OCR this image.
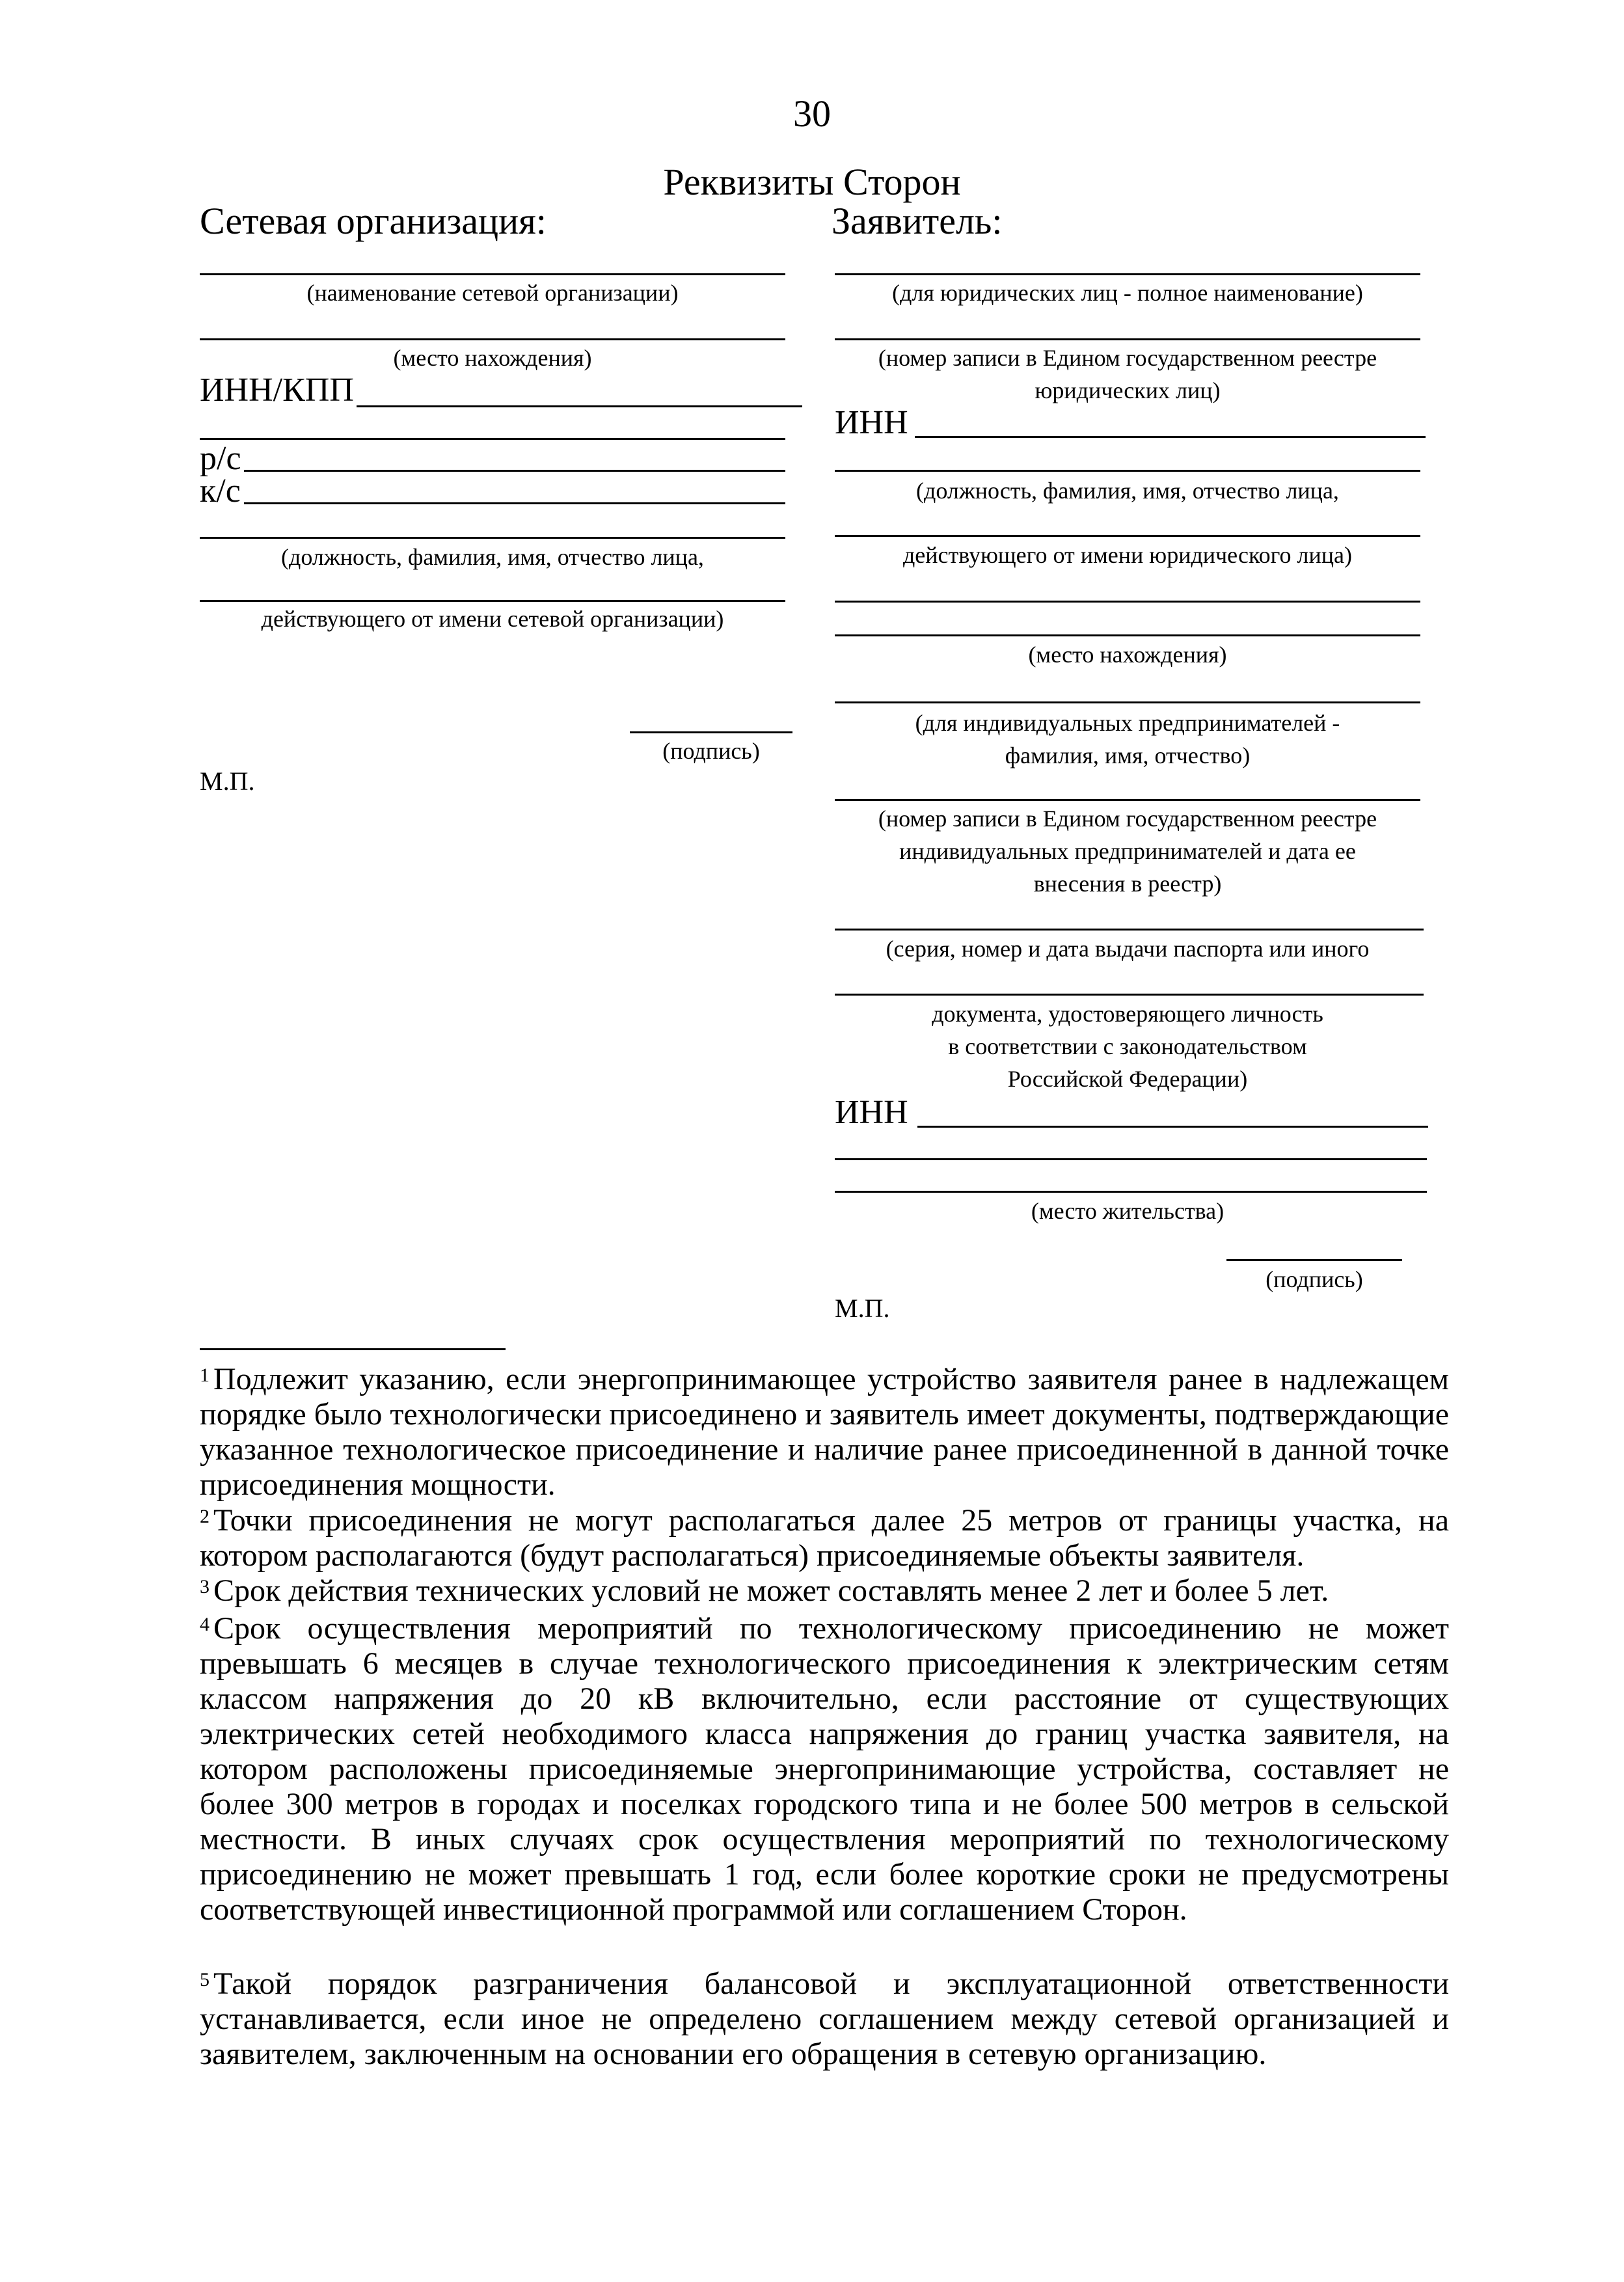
30
Реквизиты Сторон
Сетевая организация:
(наименование сетевой организации)
(место нахождения)
ИНН/КПП
р/с
к/с
(должность, фамилия, имя, отчество лица,
действующего от имени сетевой организации)
(подпись)
М.П.
Заявитель:
(для юридических лиц - полное наименование)
(номер записи в Едином государственном реестре
юридических лиц)
ИНН
(должность, фамилия, имя, отчество лица,
действующего от имени юридического лица)
(место нахождения)
(для индивидуальных предпринимателей -
фамилия, имя, отчество)
(номер записи в Едином государственном реестре
индивидуальных предпринимателей и дата ее
внесения в реестр)
(серия, номер и дата выдачи паспорта или иного
документа, удостоверяющего личность
в соответствии с законодательством
Российской Федерации)
ИНН
(место жительства)
(подпись)
М.П.
$^1$ Подлежит указанию, если энергопринимающее устройство заявителя ранее в надлежащем порядке было технологически присоединено и заявитель имеет документы, подтверждающие указанное технологическое присоединение и наличие ранее присоединенной в данной точке присоединения мощности.
$^2$ Точки присоединения не могут располагаться далее 25 метров от границы участка, на котором располагаются (будут располагаться) присоединяемые объекты заявителя.
$^3$ Срок действия технических условий не может составлять менее 2 лет и более 5 лет.
$^4$ Срок осуществления мероприятий по технологическому присоединению не может превышать 6 месяцев в случае технологического присоединения к электрическим сетям классом напряжения до 20 кВ включительно, если расстояние от существующих электрических сетей необходимого класса напряжения до границ участка заявителя, на котором расположены присоединяемые энергопринимающие устройства, составляет не более 300 метров в городах и поселках городского типа и не более 500 метров в сельской местности. В иных случаях срок осуществления мероприятий по технологическому присоединению не может превышать 1 год, если более короткие сроки не предусмотрены соответствующей инвестиционной программой или соглашением Сторон.
$^5$ Такой порядок разграничения балансовой и эксплуатационной ответственности устанавливается, если иное не определено соглашением между сетевой организацией и заявителем, заключенным на основании его обращения в сетевую организацию.
